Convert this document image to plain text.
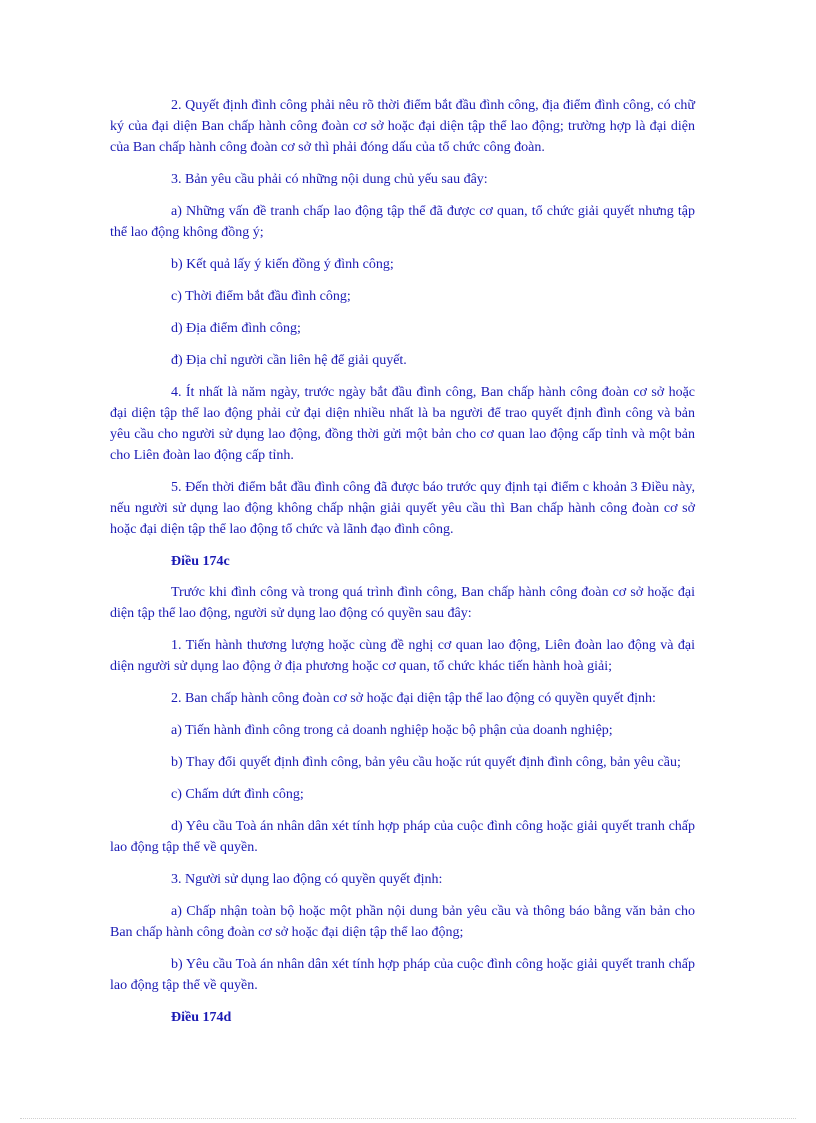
2. Quyết định đình công phải nêu rõ thời điểm bắt đầu đình công, địa điểm đình công, có chữ ký của đại diện Ban chấp hành công đoàn cơ sở hoặc đại diện tập thể lao động; trường hợp là đại diện của Ban chấp hành công đoàn cơ sở thì phải đóng dấu của tổ chức công đoàn.

3. Bản yêu cầu phải có những nội dung chủ yếu sau đây:

a) Những vấn đề tranh chấp lao động tập thể đã được cơ quan, tổ chức giải quyết nhưng tập thể lao động không đồng ý;

b) Kết quả lấy ý kiến đồng ý đình công;

c) Thời điểm bắt đầu đình công;

d) Địa điểm đình công;

đ) Địa chỉ người cần liên hệ để giải quyết.

4. Ít nhất là năm ngày, trước ngày bắt đầu đình công, Ban chấp hành công đoàn cơ sở hoặc đại diện tập thể lao động phải cử đại diện nhiều nhất là ba người để trao quyết định đình công và bản yêu cầu cho người sử dụng lao động, đồng thời gửi một bản cho cơ quan lao động cấp tỉnh và một bản cho Liên đoàn lao động cấp tỉnh.

5. Đến thời điểm bắt đầu đình công đã được báo trước quy định tại điểm c khoản 3 Điều này, nếu người sử dụng lao động không chấp nhận giải quyết yêu cầu thì Ban chấp hành công đoàn cơ sở hoặc đại diện tập thể lao động tổ chức và lãnh đạo đình công.

Điều 174c

Trước khi đình công và trong quá trình đình công, Ban chấp hành công đoàn cơ sở hoặc đại diện tập thể lao động, người sử dụng lao động có quyền sau đây:

1. Tiến hành thương lượng hoặc cùng đề nghị cơ quan lao động, Liên đoàn lao động và đại diện người sử dụng lao động ở địa phương hoặc cơ quan, tổ chức khác tiến hành hoà giải;

2. Ban chấp hành công đoàn cơ sở hoặc đại diện tập thể lao động có quyền quyết định:

a) Tiến hành đình công trong cả doanh nghiệp hoặc bộ phận của doanh nghiệp;

b) Thay đổi quyết định đình công, bản yêu cầu hoặc rút quyết định đình công, bản yêu cầu;

c) Chấm dứt đình công;

d) Yêu cầu Toà án nhân dân xét tính hợp pháp của cuộc đình công hoặc giải quyết tranh chấp lao động tập thể về quyền.

3. Người sử dụng lao động có quyền quyết định:

a) Chấp nhận toàn bộ hoặc một phần nội dung bản yêu cầu và thông báo bằng văn bản cho Ban chấp hành công đoàn cơ sở hoặc đại diện tập thể lao động;

b) Yêu cầu Toà án nhân dân xét tính hợp pháp của cuộc đình công hoặc giải quyết tranh chấp lao động tập thể về quyền.

Điều 174d
